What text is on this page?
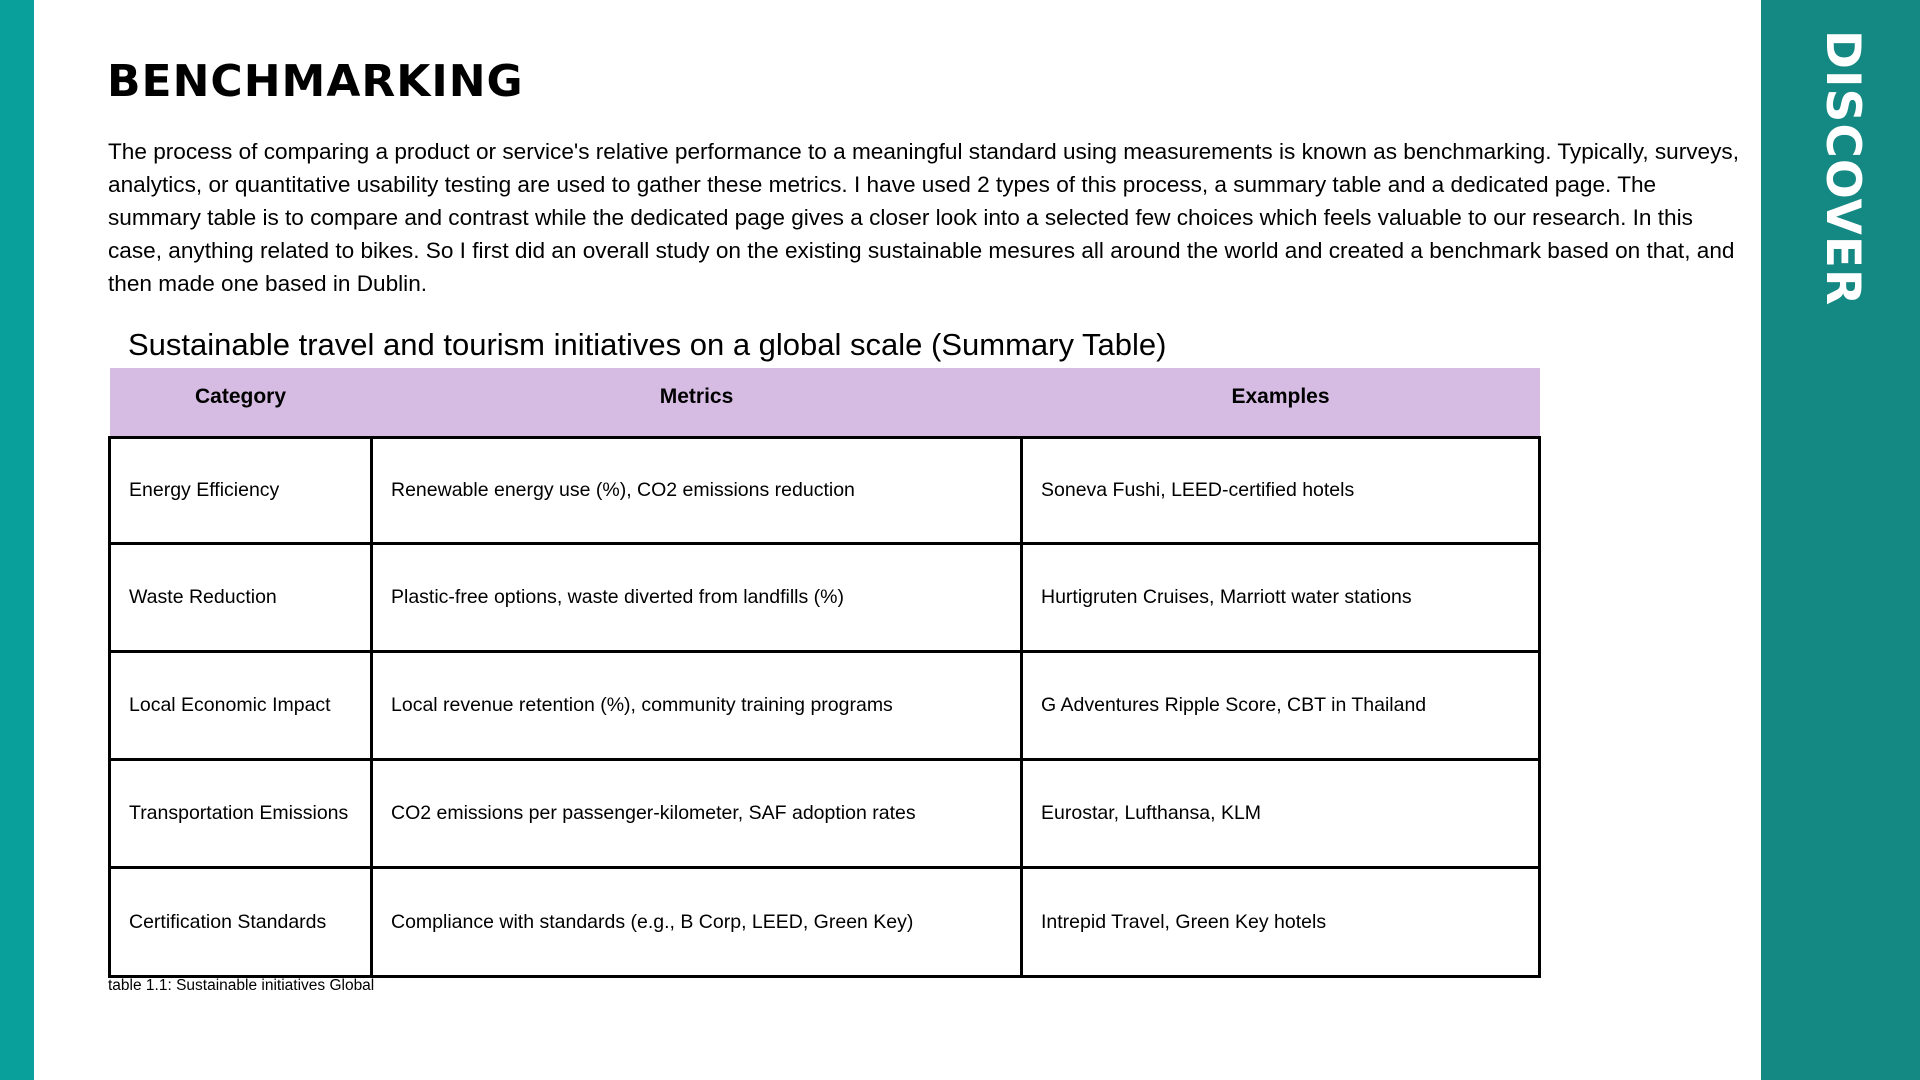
DISCOVER
BENCHMARKING

The process of comparing a product or service's relative performance to a meaningful standard using measurements is known as benchmarking. Typically, surveys, analytics, or quantitative usability testing are used to gather these metrics. I have used 2 types of this process, a summary table and a dedicated page. The summary table is to compare and contrast while the dedicated page gives a closer look into a selected few choices which feels valuable to our research. In this case, anything related to bikes. So I first did an overall study on the existing sustainable mesures all around the world and created a benchmark based on that, and then made one based in Dublin.

Sustainable travel and tourism initiatives on a global scale (Summary Table)
Category	Metrics	Examples
Energy Efficiency	Renewable energy use (%), CO2 emissions reduction	Soneva Fushi, LEED-certified hotels
Waste Reduction	Plastic-free options, waste diverted from landfills (%)	Hurtigruten Cruises, Marriott water stations
Local Economic Impact	Local revenue retention (%), community training programs	G Adventures Ripple Score, CBT in Thailand
Transportation Emissions	CO2 emissions per passenger-kilometer, SAF adoption rates	Eurostar, Lufthansa, KLM
Certification Standards	Compliance with standards (e.g., B Corp, LEED, Green Key)	Intrepid Travel, Green Key hotels

table 1.1: Sustainable initiatives Global
